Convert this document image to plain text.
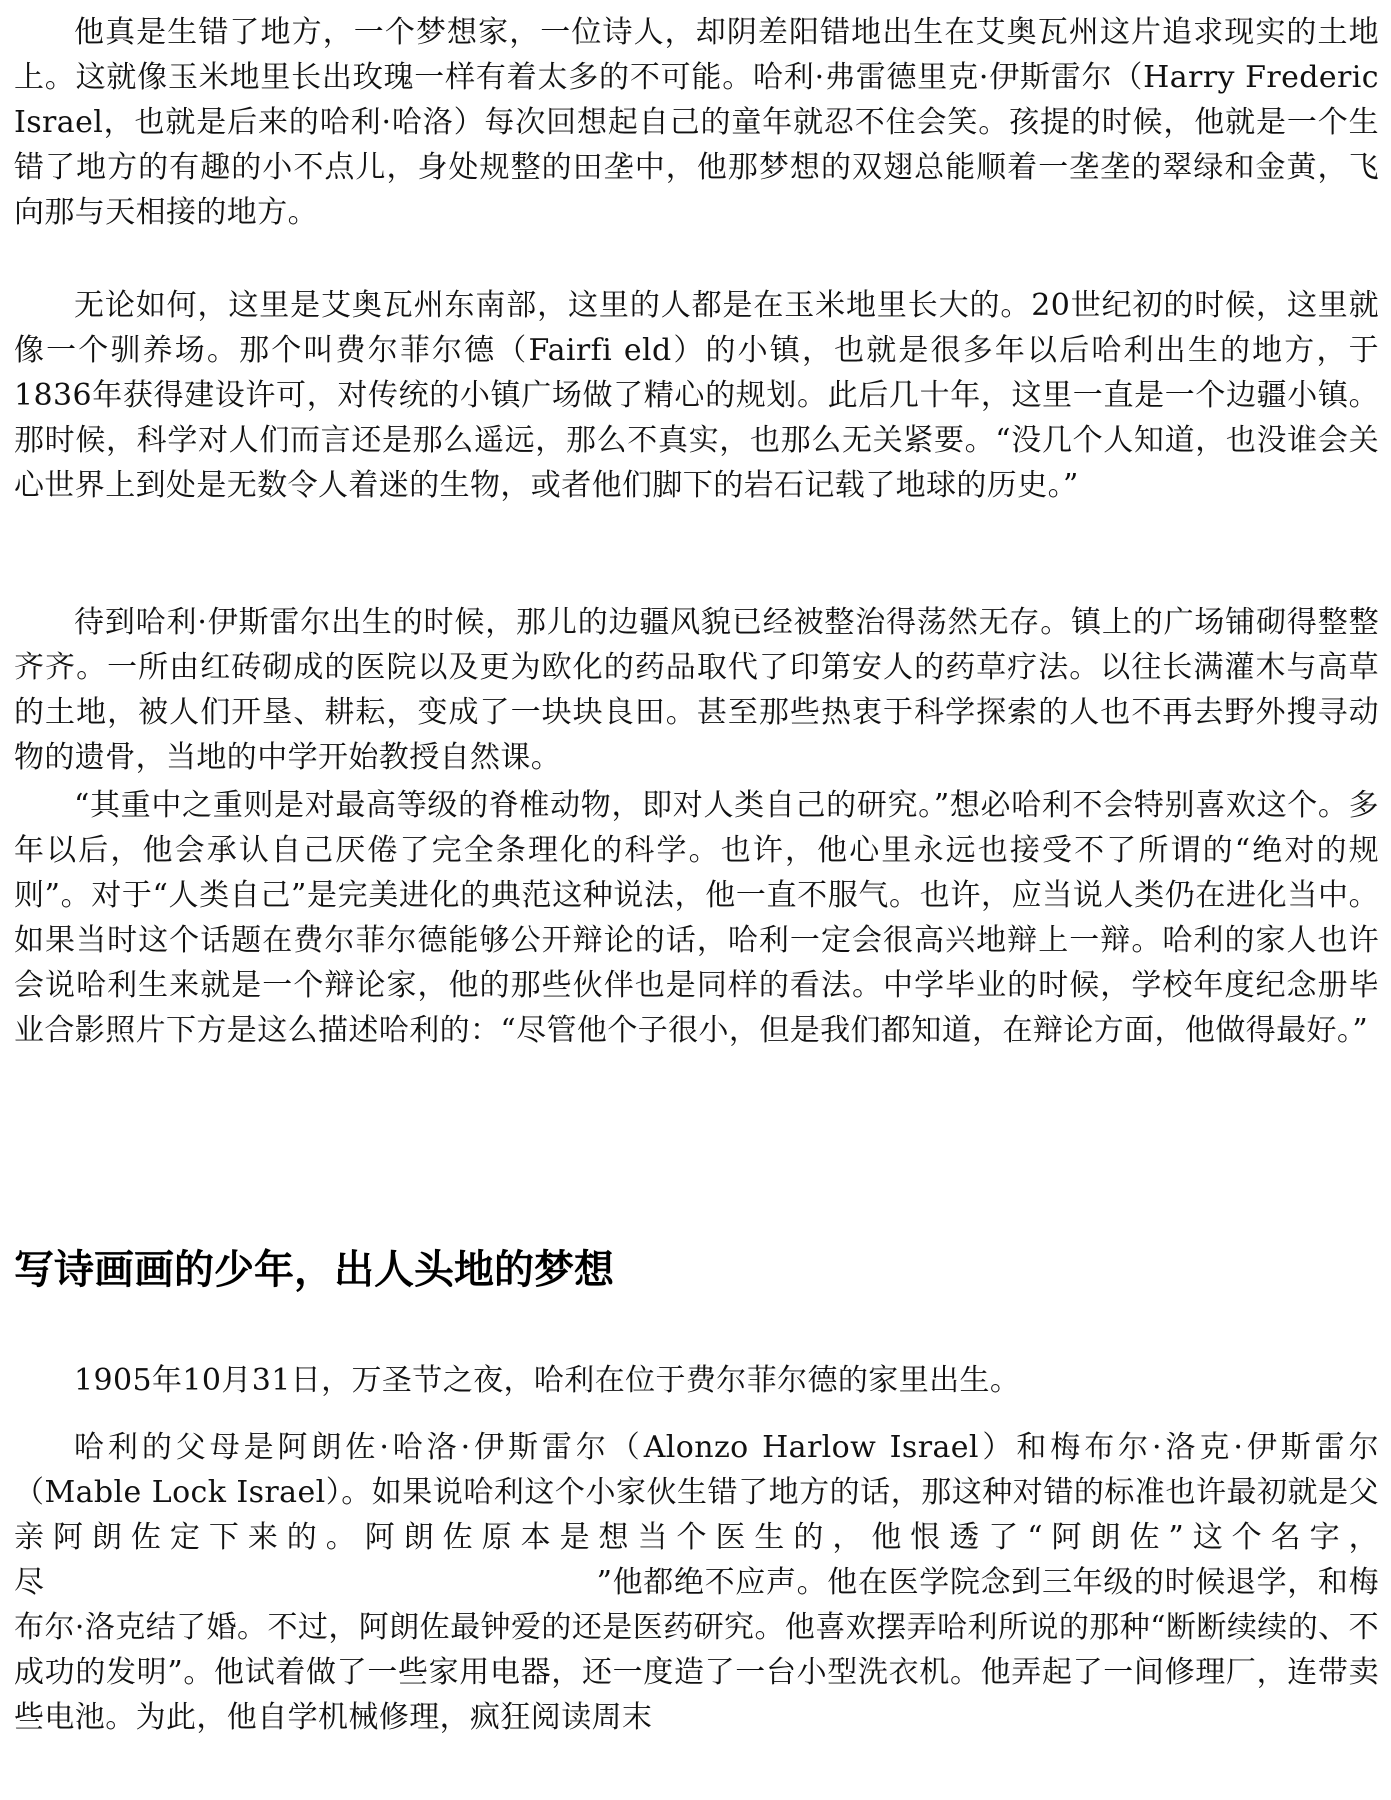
他真是生错了地方，一个梦想家，一位诗人，却阴差阳错地出生在艾奥瓦州这片追求现实的土地上。这就像玉米地里长出玫瑰一样有着太多的不可能。哈利·弗雷德里克·伊斯雷尔（Harry Frederic Israel，也就是后来的哈利·哈洛）每次回想起自己的童年就忍不住会笑。孩提的时候，他就是一个生错了地方的有趣的小不点儿，身处规整的田垄中，他那梦想的双翅总能顺着一垄垄的翠绿和金黄，飞向那与天相接的地方。

无论如何，这里是艾奥瓦州东南部，这里的人都是在玉米地里长大的。20世纪初的时候，这里就像一个驯养场。那个叫费尔菲尔德（Fairfi eld）的小镇，也就是很多年以后哈利出生的地方，于1836年获得建设许可，对传统的小镇广场做了精心的规划。此后几十年，这里一直是一个边疆小镇。那时候，科学对人们而言还是那么遥远，那么不真实，也那么无关紧要。“没几个人知道，也没谁会关心世界上到处是无数令人着迷的生物，或者他们脚下的岩石记载了地球的历史。”

待到哈利·伊斯雷尔出生的时候，那儿的边疆风貌已经被整治得荡然无存。镇上的广场铺砌得整整齐齐。一所由红砖砌成的医院以及更为欧化的药品取代了印第安人的药草疗法。以往长满灌木与高草的土地，被人们开垦、耕耘，变成了一块块良田。甚至那些热衷于科学探索的人也不再去野外搜寻动物的遗骨，当地的中学开始教授自然课。

“其重中之重则是对最高等级的脊椎动物，即对人类自己的研究。”想必哈利不会特别喜欢这个。多年以后，他会承认自己厌倦了完全条理化的科学。也许，他心里永远也接受不了所谓的“绝对的规则”。对于“人类自己”是完美进化的典范这种说法，他一直不服气。也许，应当说人类仍在进化当中。如果当时这个话题在费尔菲尔德能够公开辩论的话，哈利一定会很高兴地辩上一辩。哈利的家人也许会说哈利生来就是一个辩论家，他的那些伙伴也是同样的看法。中学毕业的时候，学校年度纪念册毕业合影照片下方是这么描述哈利的：“尽管他个子很小，但是我们都知道，在辩论方面，他做得最好。”

写诗画画的少年，出人头地的梦想

1905年10月31日，万圣节之夜，哈利在位于费尔菲尔德的家里出生。

哈利的父母是阿朗佐·哈洛·伊斯雷尔（Alonzo Harlow Israel）和梅布尔·洛克·伊斯雷尔（Mable Lock Israel）。如果说哈利这个小家伙生错了地方的话，那这种对错的标准也许最初就是父亲阿朗佐定下来的。阿朗佐原本是想当个医生的，他恨透了“阿朗佐”这个名字，尽　　　　　　　　　　　　　　　　　　”他都绝不应声。他在医学院念到三年级的时候退学，和梅布尔·洛克结了婚。不过，阿朗佐最钟爱的还是医药研究。他喜欢摆弄哈利所说的那种“断断续续的、不成功的发明”。他试着做了一些家用电器，还一度造了一台小型洗衣机。他弄起了一间修理厂，连带卖些电池。为此，他自学机械修理，疯狂阅读周末
